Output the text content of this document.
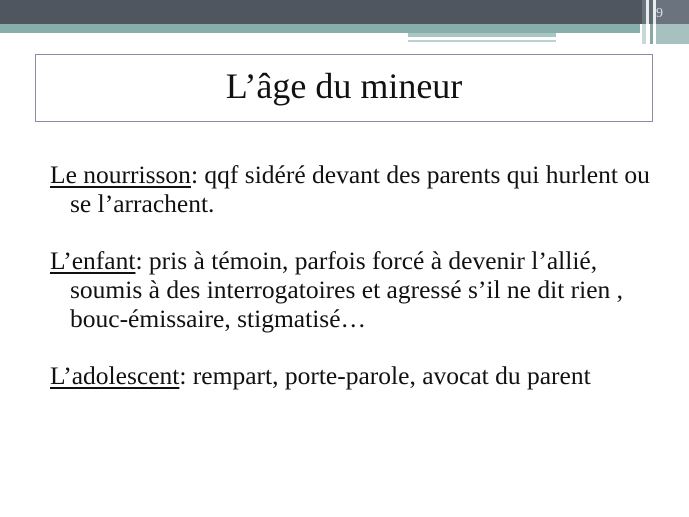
9
L’âge du mineur

Le nourrisson: qqf sidéré devant des parents qui hurlent ou se l’arrachent.

L’enfant: pris à témoin, parfois forcé à devenir l’allié, soumis à des interrogatoires et agressé s’il ne dit rien , bouc-émissaire, stigmatisé…

L’adolescent: rempart, porte-parole, avocat du parent
